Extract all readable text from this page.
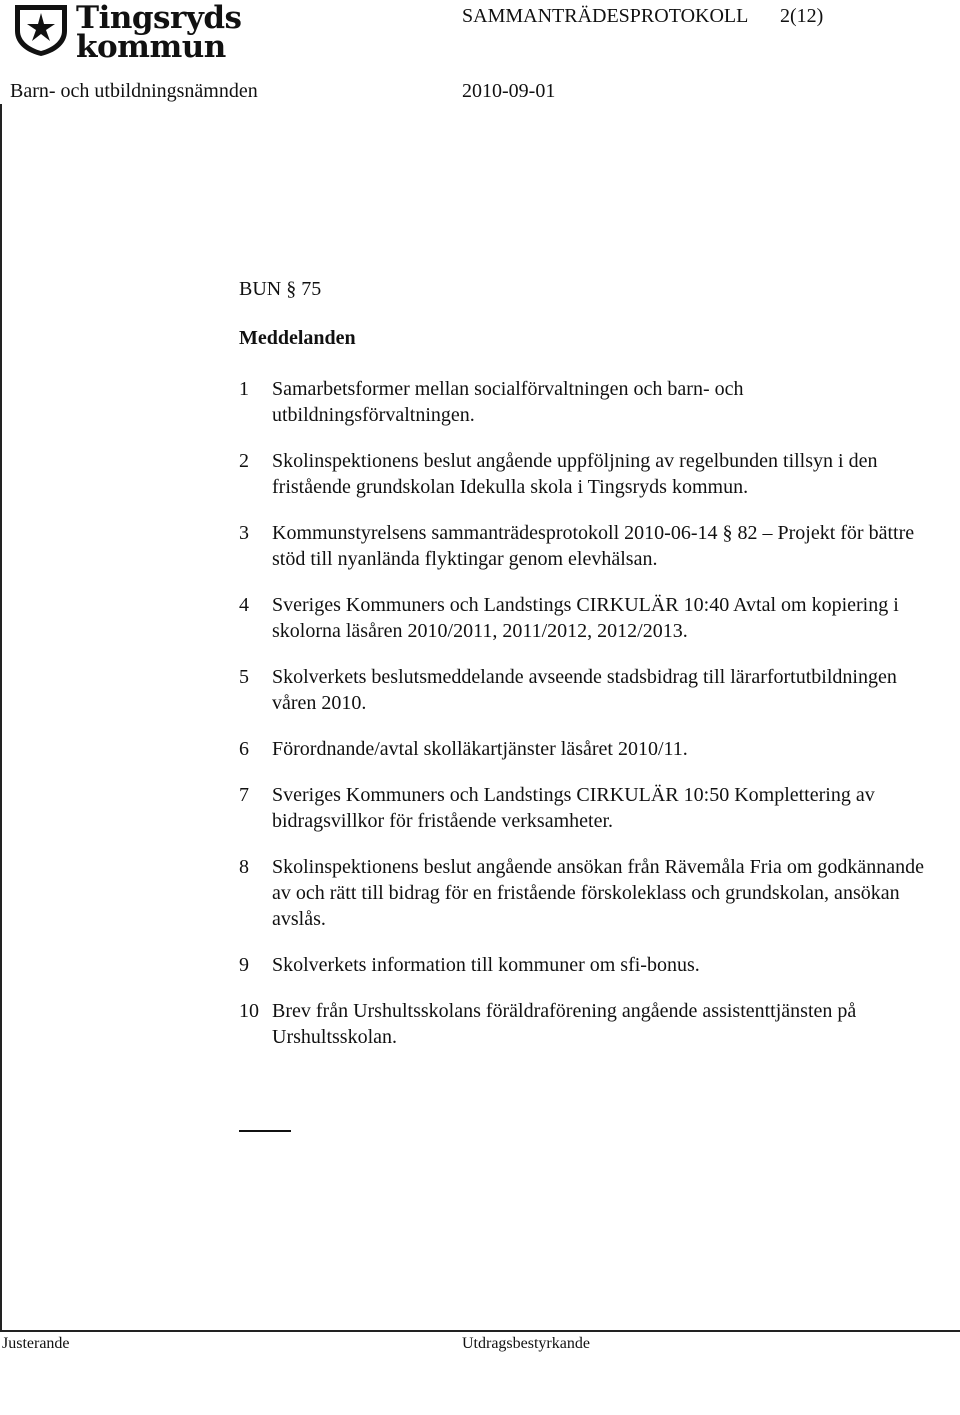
Tingsryds
kommun
SAMMANTRÄDESPROTOKOLL 2(12)
Barn- och utbildningsnämnden	2010-09-01
BUN § 75
Meddelanden
1	Samarbetsformer mellan socialförvaltningen och barn- och utbildningsförvaltningen.
2	Skolinspektionens beslut angående uppföljning av regelbunden tillsyn i den fristående grundskolan Idekulla skola i Tingsryds kommun.
3	Kommunstyrelsens sammanträdesprotokoll 2010-06-14 § 82 – Projekt för bättre stöd till nyanlända flyktingar genom elevhälsan.
4	Sveriges Kommuners och Landstings CIRKULÄR 10:40 Avtal om kopiering i skolorna läsåren 2010/2011, 2011/2012, 2012/2013.
5	Skolverkets beslutsmeddelande avseende stadsbidrag till lärarfortutbildningen våren 2010.
6	Förordnande/avtal skolläkartjänster läsåret 2010/11.
7	Sveriges Kommuners och Landstings CIRKULÄR 10:50 Komplettering av bidragsvillkor för fristående verksamheter.
8	Skolinspektionens beslut angående ansökan från Rävemåla Fria om godkännande av och rätt till bidrag för en fristående förskoleklass och grundskolan, ansökan avslås.
9	Skolverkets information till kommuner om sfi-bonus.
10 Brev från Urshultsskolans föräldraförening angående assistenttjänsten på Urshultsskolan.
Justerande	Utdragsbestyrkande
